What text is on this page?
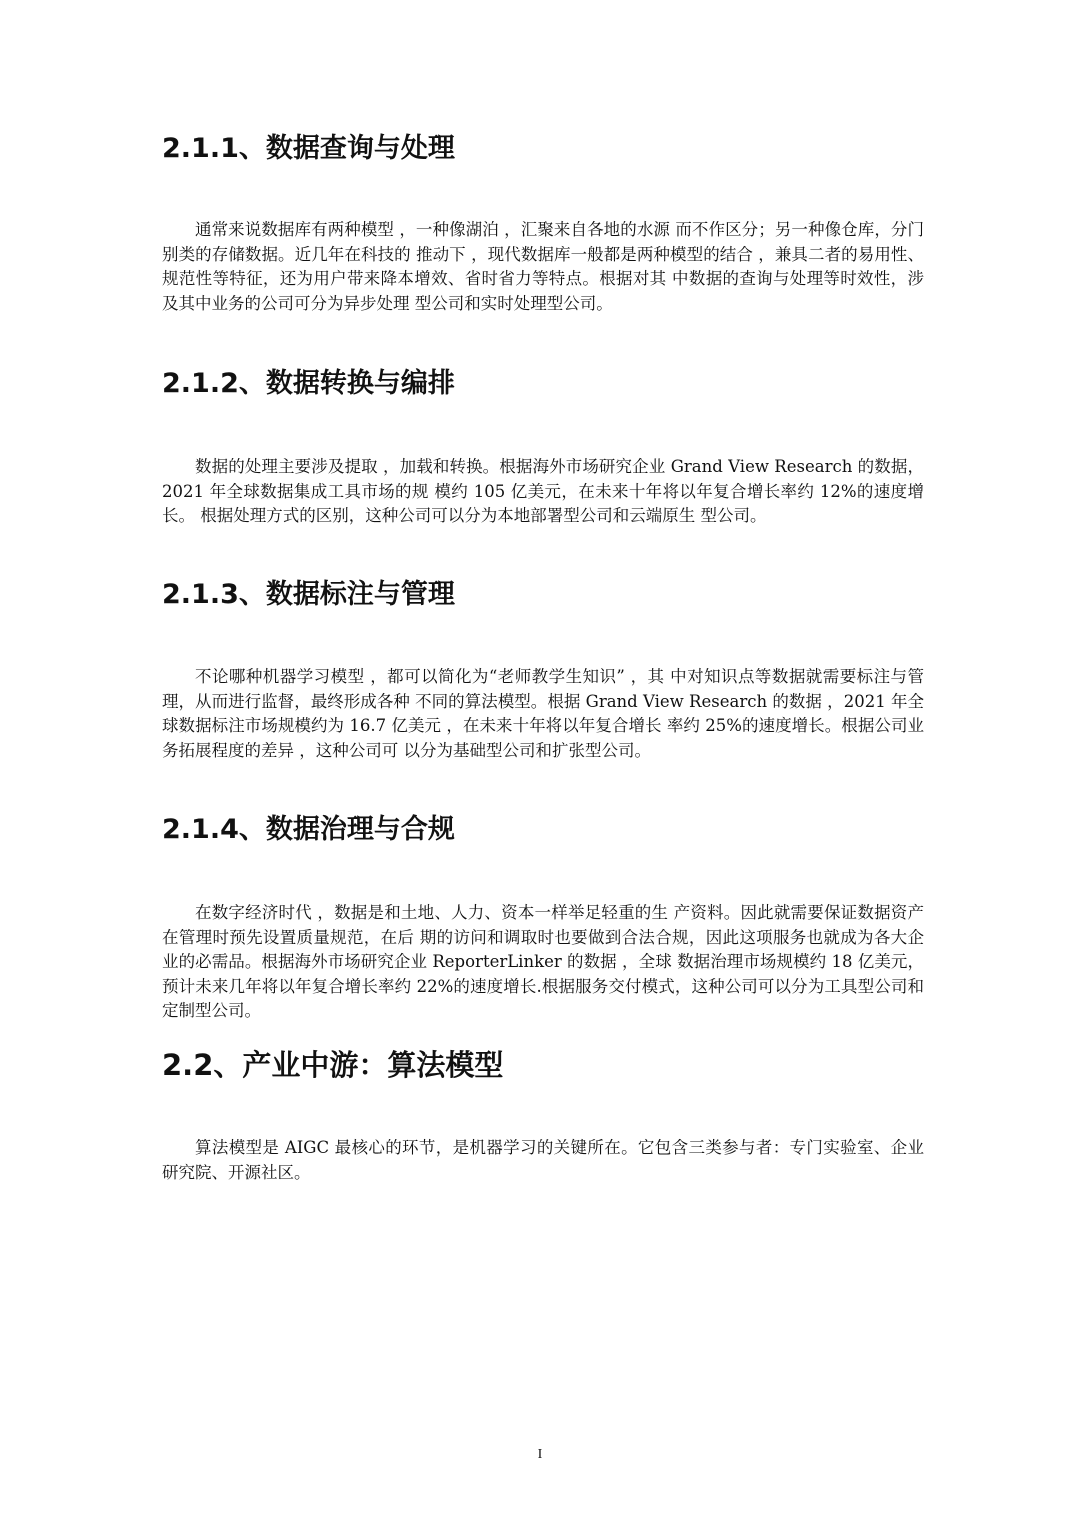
2.1.1、数据查询与处理

通常来说数据库有两种模型 ，一种像湖泊 ，汇聚来自各地的水源 而不作区分；另一种像仓库，分门别类的存储数据。近几年在科技的 推动下 ，现代数据库一般都是两种模型的结合 ，兼具二者的易用性、规范性等特征，还为用户带来降本增效、省时省力等特点。根据对其 中数据的查询与处理等时效性，涉及其中业务的公司可分为异步处理 型公司和实时处理型公司。

2.1.2、数据转换与编排

数据的处理主要涉及提取 ，加载和转换。根据海外市场研究企业 Grand View Research 的数据，2021 年全球数据集成工具市场的规 模约 105 亿美元，在未来十年将以年复合增长率约 12%的速度增长。 根据处理方式的区别，这种公司可以分为本地部署型公司和云端原生 型公司。

2.1.3、数据标注与管理

不论哪种机器学习模型 ，都可以简化为“老师教学生知识” ，其 中对知识点等数据就需要标注与管理，从而进行监督，最终形成各种 不同的算法模型。根据 Grand View Research 的数据 ，2021 年全 球数据标注市场规模约为 16.7 亿美元 ，在未来十年将以年复合增长 率约 25%的速度增长。根据公司业务拓展程度的差异 ，这种公司可 以分为基础型公司和扩张型公司。

2.1.4、数据治理与合规

在数字经济时代 ，数据是和土地、人力、资本一样举足轻重的生 产资料。因此就需要保证数据资产在管理时预先设置质量规范，在后 期的访问和调取时也要做到合法合规，因此这项服务也就成为各大企 业的必需品。根据海外市场研究企业 ReporterLinker 的数据 ，全球 数据治理市场规模约 18 亿美元，预计未来几年将以年复合增长率约 22%的速度增长.根据服务交付模式，这种公司可以分为工具型公司和定制型公司。

2.2、产业中游：算法模型

算法模型是 AIGC 最核心的环节，是机器学习的关键所在。它包含三类参与者：专门实验室、企业研究院、开源社区。

I
